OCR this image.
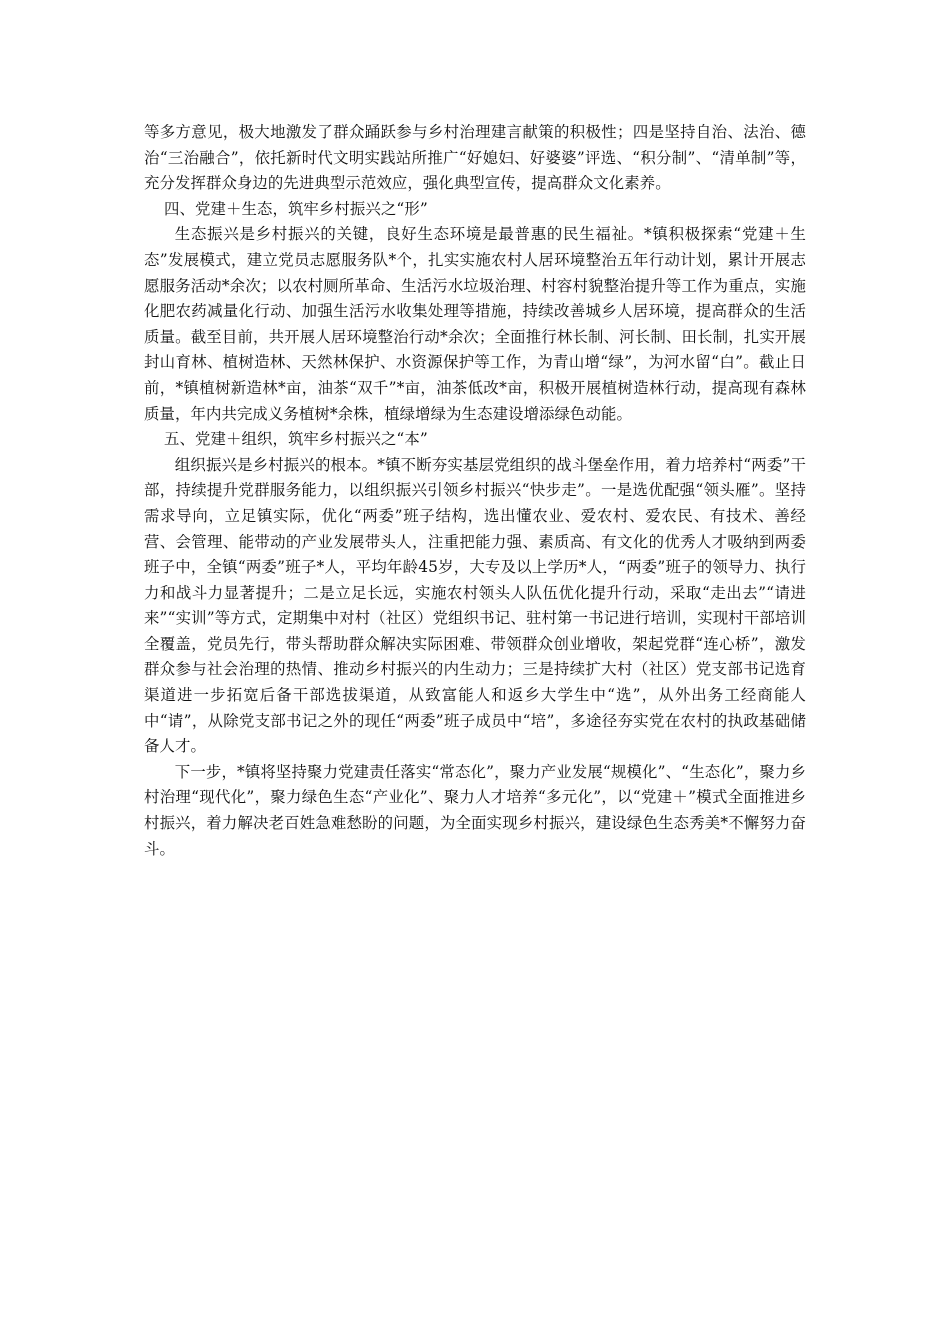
等多方意见，极大地激发了群众踊跃参与乡村治理建言献策的积极性；四是坚持自治、法治、德治“三治融合”，依托新时代文明实践站所推广“好媳妇、好婆婆”评选、“积分制”、“清单制”等，充分发挥群众身边的先进典型示范效应，强化典型宣传，提高群众文化素养。

四、党建＋生态，筑牢乡村振兴之“形”

生态振兴是乡村振兴的关键，良好生态环境是最普惠的民生福祉。*镇积极探索“党建＋生态”发展模式，建立党员志愿服务队*个，扎实实施农村人居环境整治五年行动计划，累计开展志愿服务活动*余次；以农村厕所革命、生活污水垃圾治理、村容村貌整治提升等工作为重点，实施化肥农药减量化行动、加强生活污水收集处理等措施，持续改善城乡人居环境，提高群众的生活质量。截至目前，共开展人居环境整治行动*余次；全面推行林长制、河长制、田长制，扎实开展封山育林、植树造林、天然林保护、水资源保护等工作，为青山增“绿”，为河水留“白”。截止日前，*镇植树新造林*亩，油茶“双千”*亩，油茶低改*亩，积极开展植树造林行动，提高现有森林质量，年内共完成义务植树*余株，植绿增绿为生态建设增添绿色动能。

五、党建＋组织，筑牢乡村振兴之“本”

组织振兴是乡村振兴的根本。*镇不断夯实基层党组织的战斗堡垒作用，着力培养村“两委”干部，持续提升党群服务能力，以组织振兴引领乡村振兴“快步走”。一是选优配强“领头雁”。坚持需求导向，立足镇实际，优化“两委”班子结构，选出懂农业、爱农村、爱农民、有技术、善经营、会管理、能带动的产业发展带头人，注重把能力强、素质高、有文化的优秀人才吸纳到两委班子中，全镇“两委”班子*人，平均年龄45岁，大专及以上学历*人，“两委”班子的领导力、执行力和战斗力显著提升；二是立足长远，实施农村领头人队伍优化提升行动，采取“走出去”“请进来”“实训”等方式，定期集中对村（社区）党组织书记、驻村第一书记进行培训，实现村干部培训全覆盖，党员先行，带头帮助群众解决实际困难、带领群众创业增收，架起党群“连心桥”，激发群众参与社会治理的热情、推动乡村振兴的内生动力；三是持续扩大村（社区）党支部书记选育渠道进一步拓宽后备干部选拔渠道，从致富能人和返乡大学生中“选”，从外出务工经商能人中“请”，从除党支部书记之外的现任“两委”班子成员中“培”，多途径夯实党在农村的执政基础储备人才。

下一步，*镇将坚持聚力党建责任落实“常态化”，聚力产业发展“规模化”、“生态化”，聚力乡村治理“现代化”，聚力绿色生态“产业化”、聚力人才培养“多元化”，以“党建＋”模式全面推进乡村振兴，着力解决老百姓急难愁盼的问题，为全面实现乡村振兴，建设绿色生态秀美*不懈努力奋斗。
